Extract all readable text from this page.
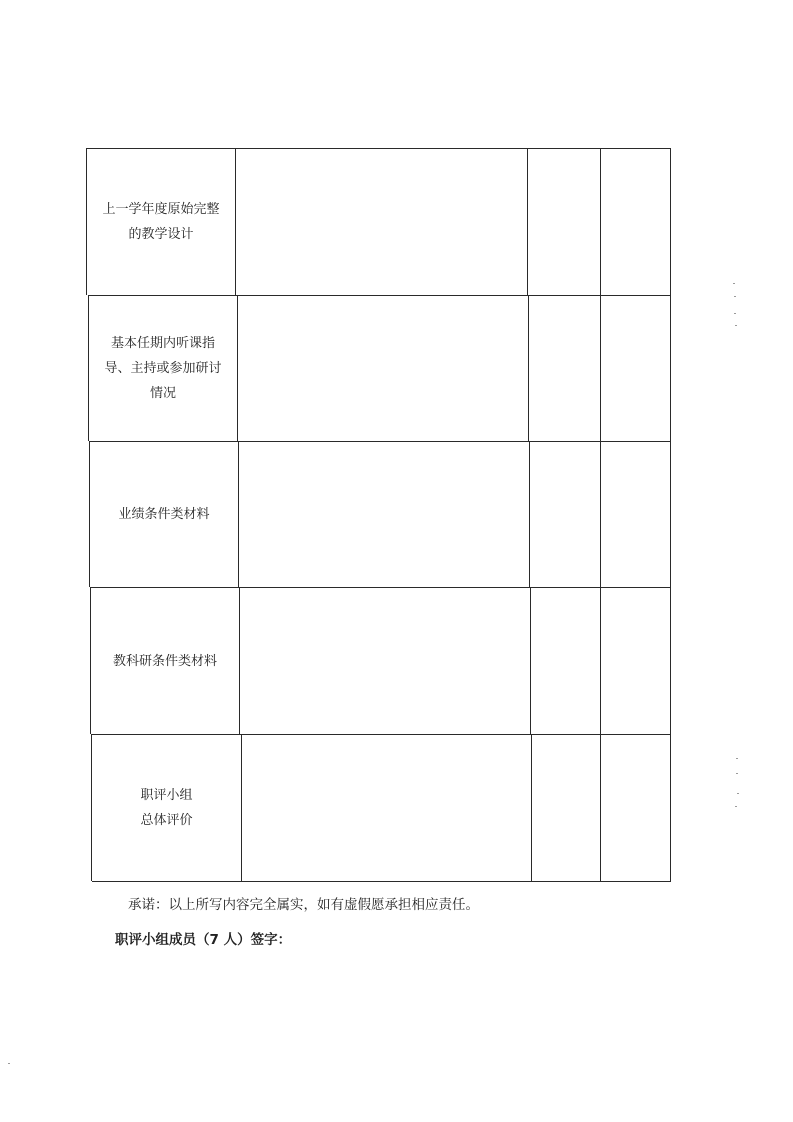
上一学年度原始完整
的教学设计
基本任期内听课指
导、主持或参加研讨
情况
业绩条件类材料
教科研条件类材料
职评小组
总体评价
承诺：以上所写内容完全属实，如有虚假愿承担相应责任。
职评小组成员（7 人）签字：
